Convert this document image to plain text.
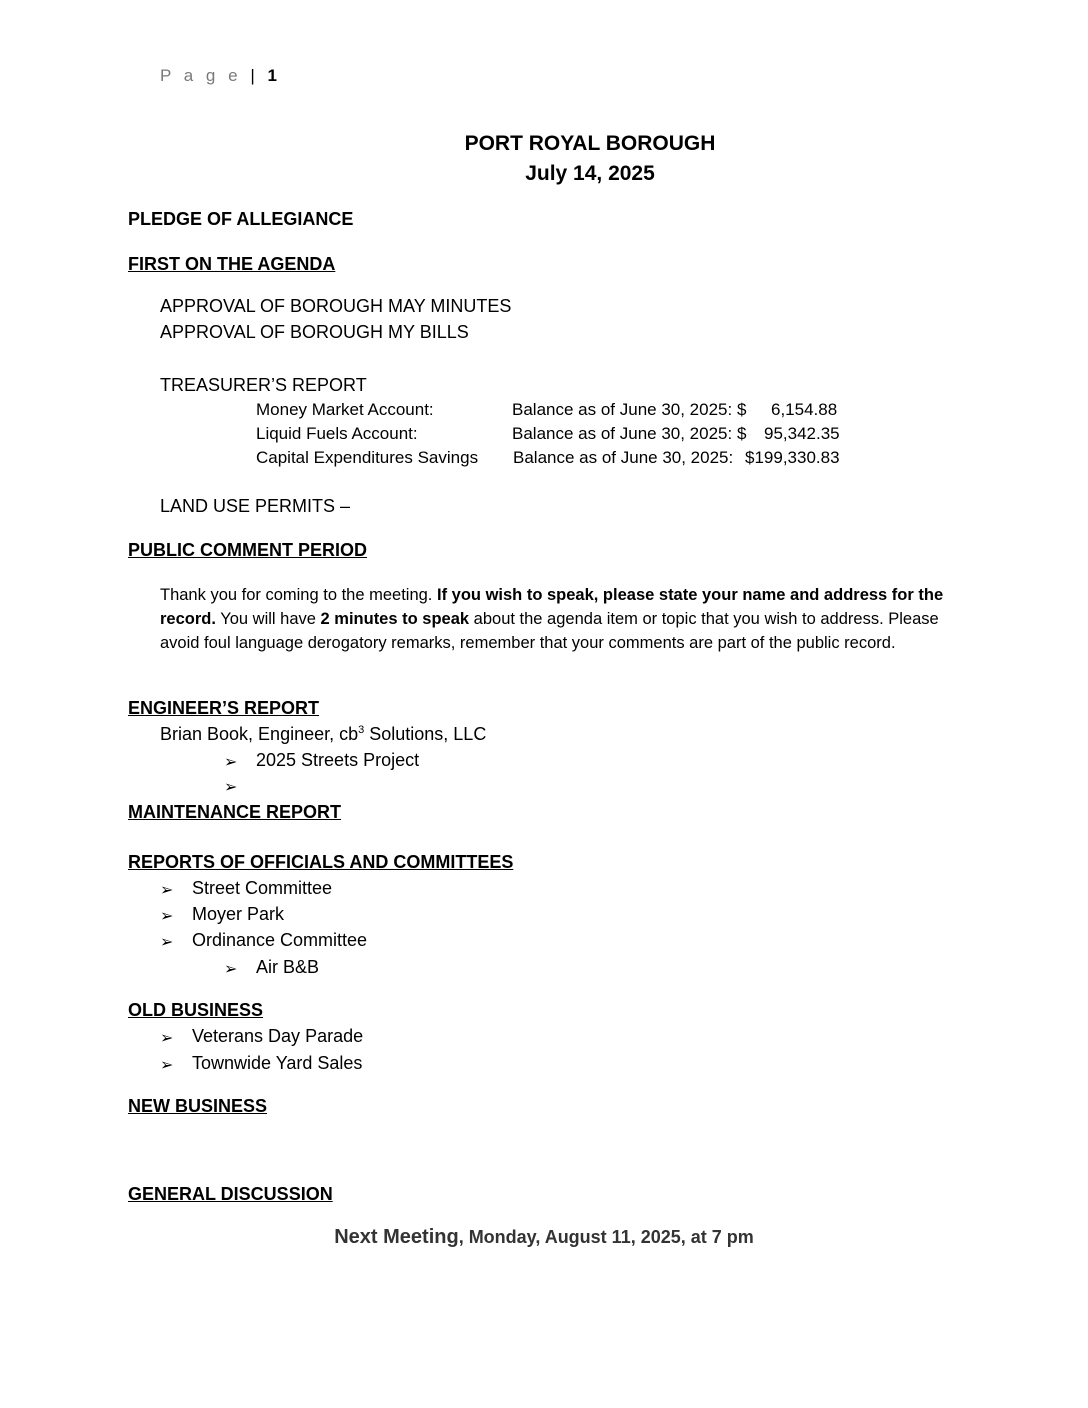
P a g e | 1
PORT ROYAL BOROUGH
July 14, 2025
PLEDGE OF ALLEGIANCE
FIRST ON THE AGENDA
APPROVAL OF BOROUGH MAY MINUTES
APPROVAL OF BOROUGH MY BILLS
TREASURER’S REPORT
Money Market Account:	Balance as of June 30, 2025: $ 6,154.88
Liquid Fuels Account:	Balance as of June 30, 2025: $ 95,342.35
Capital Expenditures Savings Balance as of June 30, 2025: $199,330.83
LAND USE PERMITS –
PUBLIC COMMENT PERIOD
Thank you for coming to the meeting. If you wish to speak, please state your name and address for the record. You will have 2 minutes to speak about the agenda item or topic that you wish to address. Please avoid foul language derogatory remarks, remember that your comments are part of the public record.
ENGINEER’S REPORT
Brian Book, Engineer, $cb^3$ Solutions, LLC
➢ 2025 Streets Project
➢
MAINTENANCE REPORT
REPORTS OF OFFICIALS AND COMMITTEES
➢ Street Committee
➢ Moyer Park
➢ Ordinance Committee
➢ Air B&B
OLD BUSINESS
➢ Veterans Day Parade
➢ Townwide Yard Sales
NEW BUSINESS
GENERAL DISCUSSION
Next Meeting, Monday, August 11, 2025, at 7 pm
